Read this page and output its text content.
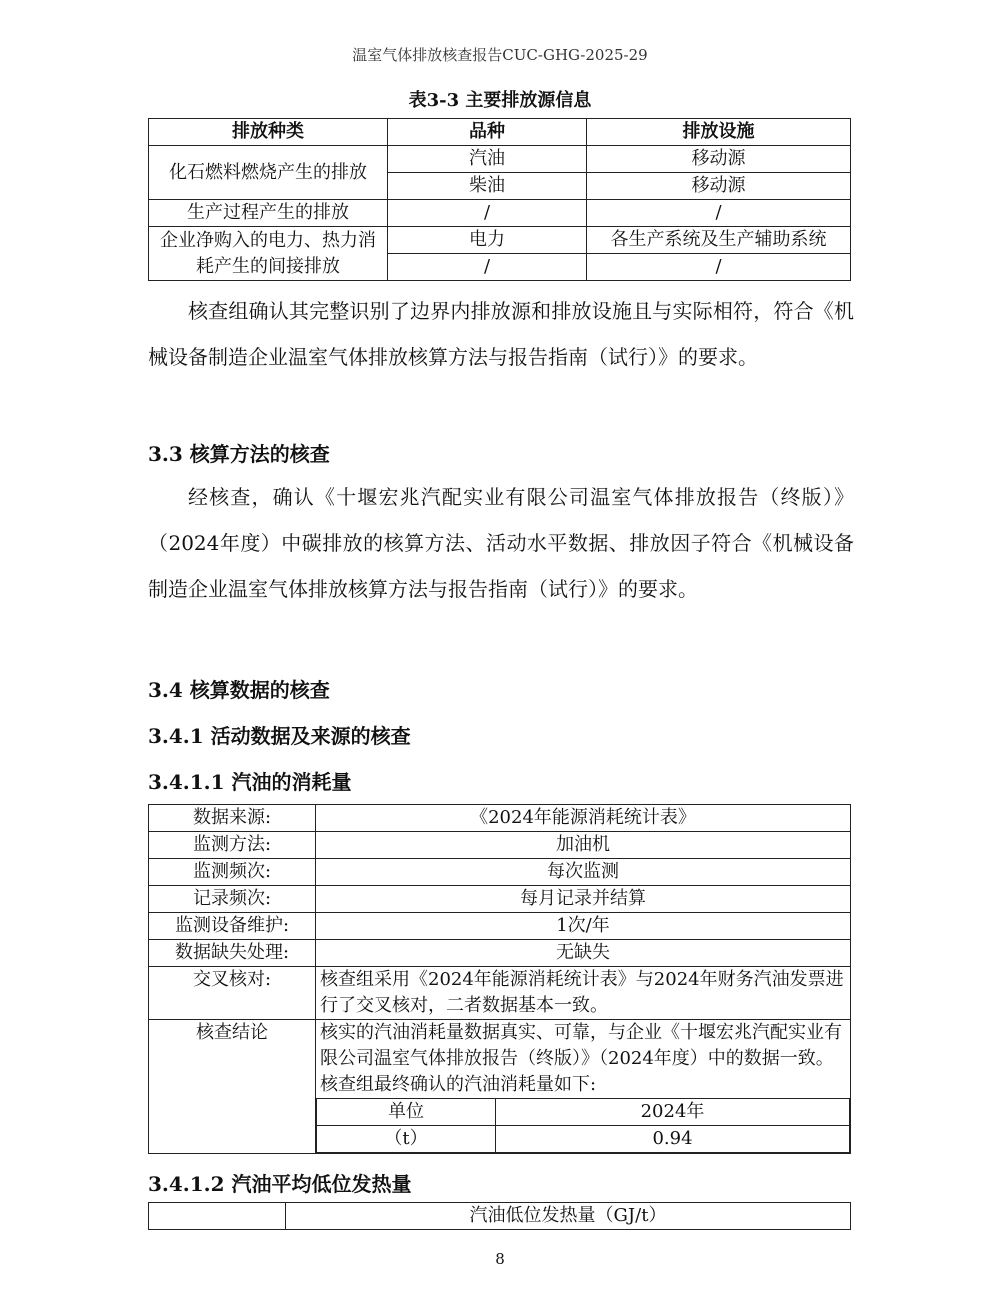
温室气体排放核查报告CUC-GHG-2025-29
表3-3 主要排放源信息
排放种类	品种	排放设施
化石燃料燃烧产生的排放	汽油	移动源
	柴油	移动源
生产过程产生的排放	/	/
企业净购入的电力、热力消
耗产生的间接排放	电力	各生产系统及生产辅助系统
	/	/

核查组确认其完整识别了边界内排放源和排放设施且与实际相符，符合《机械设备制造企业温室气体排放核算方法与报告指南（试行）》的要求。

3.3 核算方法的核查

经核查，确认《十堰宏兆汽配实业有限公司温室气体排放报告（终版）》（2024年度）中碳排放的核算方法、活动水平数据、排放因子符合《机械设备制造企业温室气体排放核算方法与报告指南（试行）》的要求。

3.4 核算数据的核查

3.4.1 活动数据及来源的核查

3.4.1.1 汽油的消耗量

数据来源:	《2024年能源消耗统计表》
监测方法:	加油机
监测频次:	每次监测
记录频次:	每月记录并结算
监测设备维护:	1次/年
数据缺失处理:	无缺失
交叉核对:	核查组采用《2024年能源消耗统计表》与2024年财务汽油发票进行了交叉核对，二者数据基本一致。
核查结论	核实的汽油消耗量数据真实、可靠，与企业《十堰宏兆汽配实业有限公司温室气体排放报告（终版）》（2024年度）中的数据一致。核查组最终确认的汽油消耗量如下:
单位	2024年
（t）	0.94

3.4.1.2 汽油平均低位发热量

	汽油低位发热量（GJ/t）
8
